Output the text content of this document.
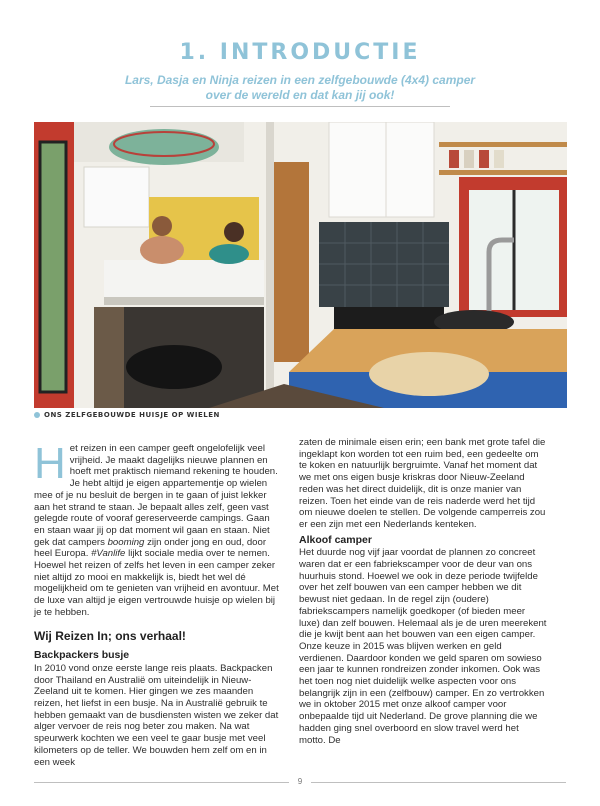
1. INTRODUCTIE

Lars, Dasja en Ninja reizen in een zelfgebouwde (4x4) camper over de wereld en dat kan jij ook!

ONS ZELFGEBOUWDE HUISJE OP WIELEN

Het reizen in een camper geeft ongelofelijk veel vrijheid. Je maakt dagelijks nieuwe plannen en hoeft met praktisch niemand rekening te houden. Je hebt altijd je eigen appartementje op wielen mee of je nu besluit de bergen in te gaan of juist lekker aan het strand te staan. Je bepaalt alles zelf, geen vast gelegde route of vooraf gereserveerde campings. Gaan en staan waar jij op dat moment wil gaan en staan. Niet gek dat campers booming zijn onder jong en oud, door heel Europa. #Vanlife lijkt sociale media over te nemen. Hoewel het reizen of zelfs het leven in een camper zeker niet altijd zo mooi en makkelijk is, biedt het wel dé mogelijkheid om te genieten van vrijheid en avontuur. Met de luxe van altijd je eigen vertrouwde huisje op wielen bij je te hebben.

Wij Reizen In; ons verhaal!
Backpackers busje

In 2010 vond onze eerste lange reis plaats. Backpacken door Thailand en Australië om uiteindelijk in Nieuw-Zeeland uit te komen. Hier gingen we zes maanden reizen, het liefst in een busje. Na in Australië gebruik te hebben gemaakt van de busdiensten wisten we zeker dat alger vervoer de reis nog beter zou maken. Na wat speurwerk kochten we een veel te gaar busje met veel kilometers op de teller. We bouwden hem zelf om en in een week

zaten de minimale eisen erin; een bank met grote tafel die ingeklapt kon worden tot een ruim bed, een gedeelte om te koken en natuurlijk bergruimte. Vanaf het moment dat we met ons eigen busje kriskras door Nieuw-Zeeland reden was het direct duidelijk, dit is onze manier van reizen. Toen het einde van de reis naderde werd het tijd om nieuwe doelen te stellen. De volgende camperreis zou er een zijn met een Nederlands kenteken.

Alkoof camper

Het duurde nog vijf jaar voordat de plannen zo concreet waren dat er een fabriekscamper voor de deur van ons huurhuis stond. Hoewel we ook in deze periode twijfelde over het zelf bouwen van een camper hebben we dit bewust niet gedaan. In de regel zijn (oudere) fabriekscampers namelijk goedkoper (of bieden meer luxe) dan zelf bouwen. Helemaal als je de uren meerekent die je kwijt bent aan het bouwen van een eigen camper.

Onze keuze in 2015 was blijven werken en geld verdienen. Daardoor konden we geld sparen om sowieso een jaar te kunnen rondreizen zonder inkomen. Ook was het toen nog niet duidelijk welke aspecten voor ons belangrijk zijn in een (zelfbouw) camper. En zo vertrokken we in oktober 2015 met onze alkoof camper voor onbepaalde tijd uit Nederland. De grove planning die we hadden ging snel overboord en slow travel werd het motto. De

9
